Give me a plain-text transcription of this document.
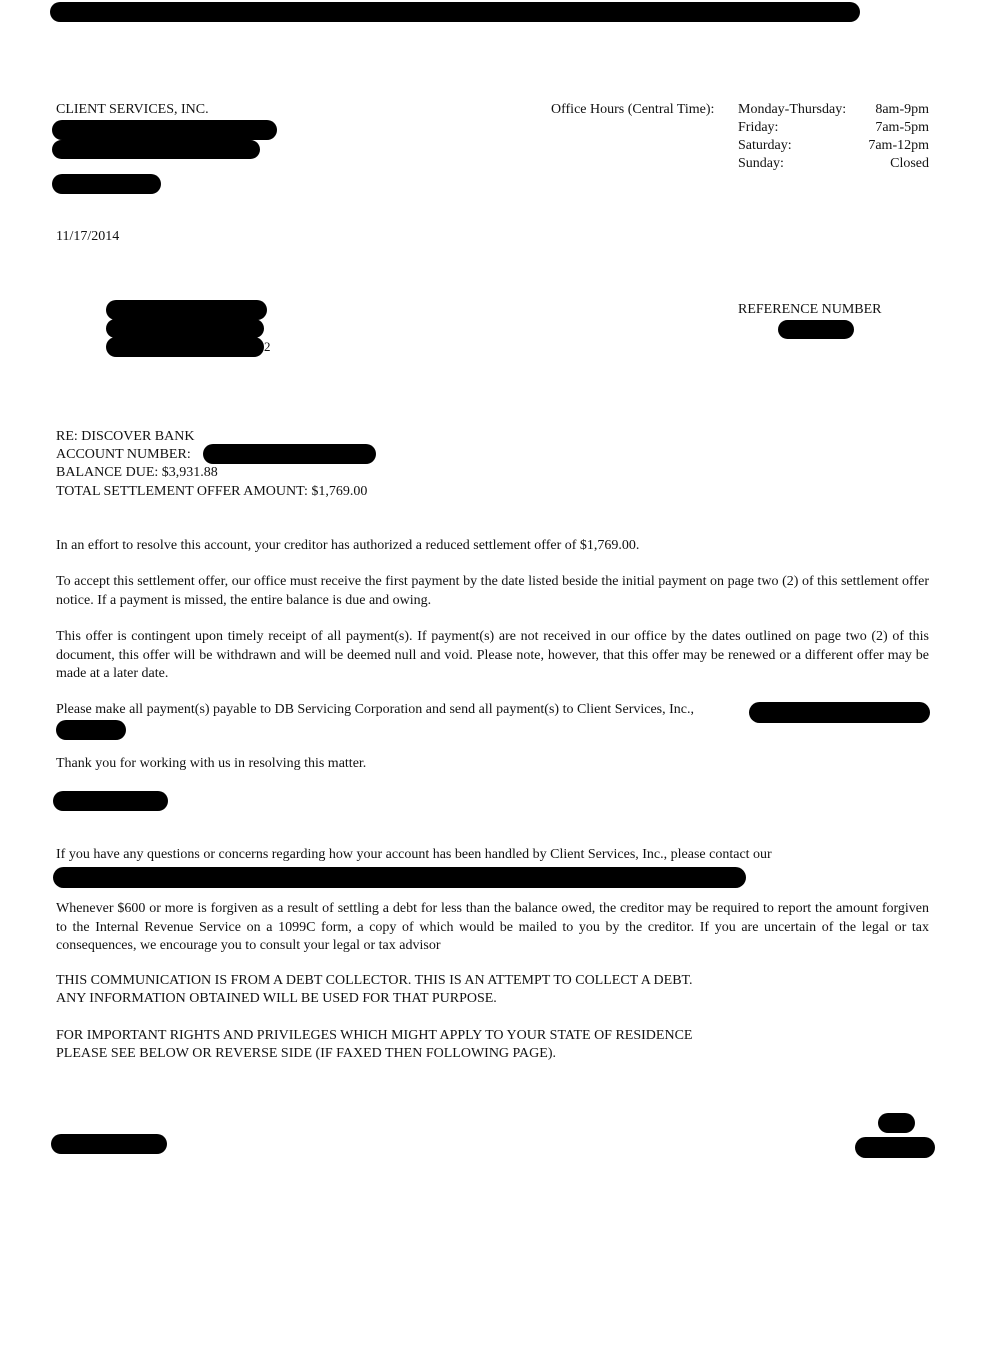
CLIENT SERVICES, INC.	Office Hours (Central Time): Monday-Thursday: 8am-9pm
Friday:	7am-5pm
Saturday:	7am-12pm
Sunday:	Closed
11/17/2014
2
REFERENCE NUMBER
RE: DISCOVER BANK
ACCOUNT NUMBER:
BALANCE DUE: $3,931.88
TOTAL SETTLEMENT OFFER AMOUNT: $1,769.00
In an effort to resolve this account, your creditor has authorized a reduced settlement offer of $1,769.00.
To accept this settlement offer, our office must receive the first payment by the date listed beside the initial payment on page two (2) of this settlement offer notice. If a payment is missed, the entire balance is due and owing.
This offer is contingent upon timely receipt of all payment(s). If payment(s) are not received in our office by the dates outlined on page two (2) of this document, this offer will be withdrawn and will be deemed null and void. Please note, however, that this offer may be renewed or a different offer may be made at a later date.
Please make all payment(s) payable to DB Servicing Corporation and send all payment(s) to Client Services, Inc.,
Thank you for working with us in resolving this matter.
If you have any questions or concerns regarding how your account has been handled by Client Services, Inc., please contact our
Whenever $600 or more is forgiven as a result of settling a debt for less than the balance owed, the creditor may be required to report the amount forgiven to the Internal Revenue Service on a 1099C form, a copy of which would be mailed to you by the creditor. If you are uncertain of the legal or tax consequences, we encourage you to consult your legal or tax advisor
THIS COMMUNICATION IS FROM A DEBT COLLECTOR. THIS IS AN ATTEMPT TO COLLECT A DEBT.
ANY INFORMATION OBTAINED WILL BE USED FOR THAT PURPOSE.
FOR IMPORTANT RIGHTS AND PRIVILEGES WHICH MIGHT APPLY TO YOUR STATE OF RESIDENCE
PLEASE SEE BELOW OR REVERSE SIDE (IF FAXED THEN FOLLOWING PAGE).
